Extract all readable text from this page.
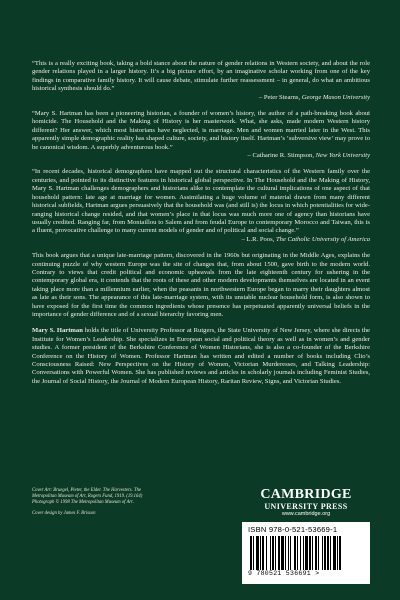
“This is a really exciting book, taking a bold stance about the nature of gender relations in Western society, and about the role gender relations played in a larger history. It’s a big picture effort, by an imaginative scholar working from one of the key findings in comparative family history. It will cause debate, stimulate further reassessment – in general, do what an ambitious historical synthesis should do.”
– Peter Stearns, George Mason University
“Mary S. Hartman has been a pioneering historian, a founder of women’s history, the author of a path-breaking book about homicide. The Household and the Making of History is her masterwork. What, she asks, made modern Western history different? Her answer, which most historians have neglected, is marriage. Men and women married later in the West. This apparently simple demographic reality has shaped culture, society, and history itself. Hartman’s ‘subversive view’ may prove to be canonical wisdom. A superbly adventurous book.”
– Catharine R. Stimpson, New York University
“In recent decades, historical demographers have mapped out the structural characteristics of the Western family over the centuries, and pointed to its distinctive features in historical global perspective. In The Household and the Making of History, Mary S. Hartman challenges demographers and historians alike to contemplate the cultural implications of one aspect of that household pattern: late age at marriage for women. Assimilating a huge volume of material drawn from many different historical subfields, Hartman argues persuasively that the household was (and still is) the locus in which potentialities for wide-ranging historical change resided, and that women’s place in that locus was much more one of agency than historians have usually credited. Ranging far, from Montaillou to Salem and from feudal Europe to contemporary Morocco and Taiwan, this is a fluent, provocative challenge to many current models of gender and of political and social change.”
– L.R. Poos, The Catholic University of America

This book argues that a unique late-marriage pattern, discovered in the 1960s but originating in the Middle Ages, explains the continuing puzzle of why western Europe was the site of changes that, from about 1500, gave birth to the modern world. Contrary to views that credit political and economic upheavals from the late eighteenth century for ushering in the contemporary global era, it contends that the roots of these and other modern developments themselves are located in an event taking place more than a millennium earlier, when the peasants in northwestern Europe began to marry their daughters almost as late as their sons. The appearance of this late-marriage system, with its unstable nuclear household form, is also shown to have exposed for the first time the common ingredients whose presence has perpetuated apparently universal beliefs in the importance of gender difference and of a sexual hierarchy favoring men.

Mary S. Hartman holds the title of University Professor at Rutgers, the State University of New Jersey, where she directs the Institute for Women’s Leadership. She specializes in European social and political theory as well as in women’s and gender studies. A former president of the Berkshire Conference of Women Historians, she is also a co-founder of the Berkshire Conference on the History of Women. Professor Hartman has written and edited a number of books including Clio’s Consciousness Raised: New Perspectives on the History of Women, Victorian Murderesses, and Talking Leadership: Conversations with Powerful Women. She has published reviews and articles in scholarly journals including Feminist Studies, the Journal of Social History, the Journal of Modern European History, Raritan Review, Signs, and Victorian Studies.

Cover Art: Bruegel, Pieter, the Elder. The Harvesters. The
Metropolitan Museum of Art, Rogers Fund, 1919. (19.164)
Photograph © 1998 The Metropolitan Museum of Art.
Cover design by James F. Brisson
CAMBRIDGE
UNIVERSITY PRESS
www.cambridge.org
ISBN 978-0-521-53669-1
9 780521 536691 >
